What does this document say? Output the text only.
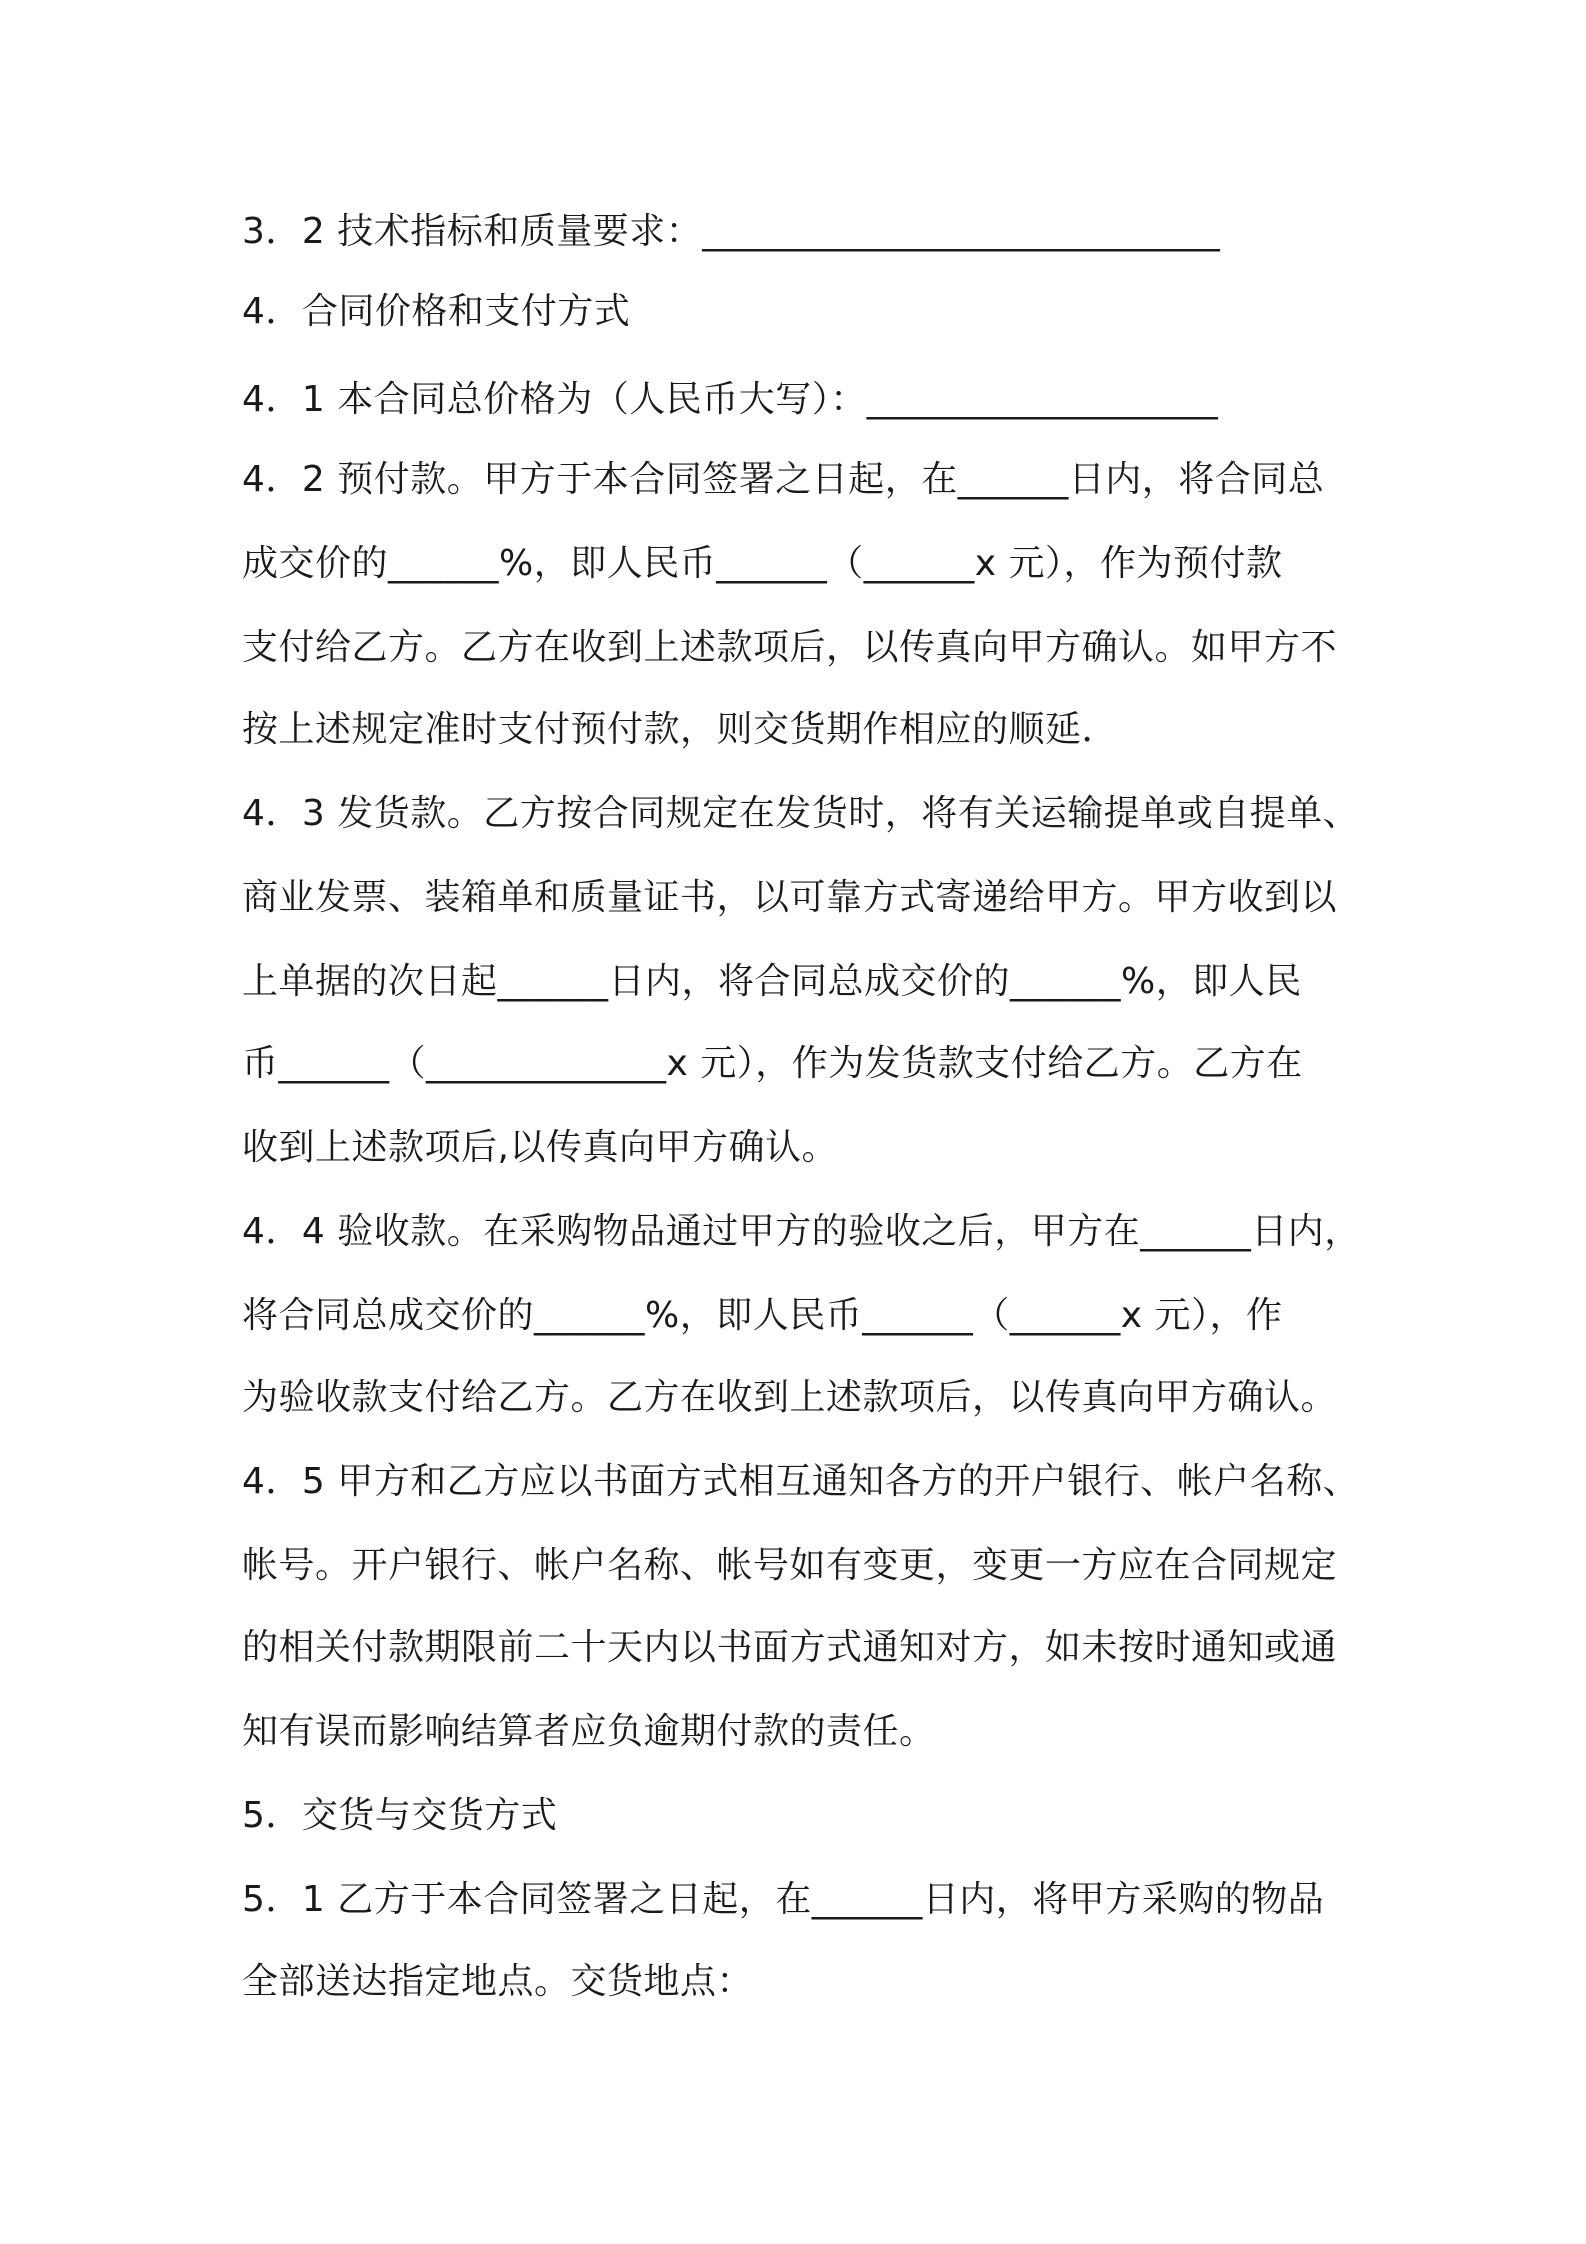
3．2 技术指标和质量要求：____________________________
4．合同价格和支付方式
4．1 本合同总价格为（人民币大写）：___________________
4．2 预付款。甲方于本合同签署之日起，在______日内，将合同总
成交价的______%，即人民币______（______x 元），作为预付款
支付给乙方。乙方在收到上述款项后，以传真向甲方确认。如甲方不
按上述规定准时支付预付款，则交货期作相应的顺延．
4．3 发货款。乙方按合同规定在发货时，将有关运输提单或自提单、
商业发票、装箱单和质量证书，以可靠方式寄递给甲方。甲方收到以
上单据的次日起______日内，将合同总成交价的______%，即人民
币______（_____________x 元），作为发货款支付给乙方。乙方在
收到上述款项后,以传真向甲方确认。
4．4 验收款。在采购物品通过甲方的验收之后，甲方在______日内，
将合同总成交价的______%，即人民币______（______x 元），作
为验收款支付给乙方。乙方在收到上述款项后，以传真向甲方确认。
4．5 甲方和乙方应以书面方式相互通知各方的开户银行、帐户名称、
帐号。开户银行、帐户名称、帐号如有变更，变更一方应在合同规定
的相关付款期限前二十天内以书面方式通知对方，如未按时通知或通
知有误而影响结算者应负逾期付款的责任。
5．交货与交货方式
5．1 乙方于本合同签署之日起，在______日内，将甲方采购的物品
全部送达指定地点。交货地点：
